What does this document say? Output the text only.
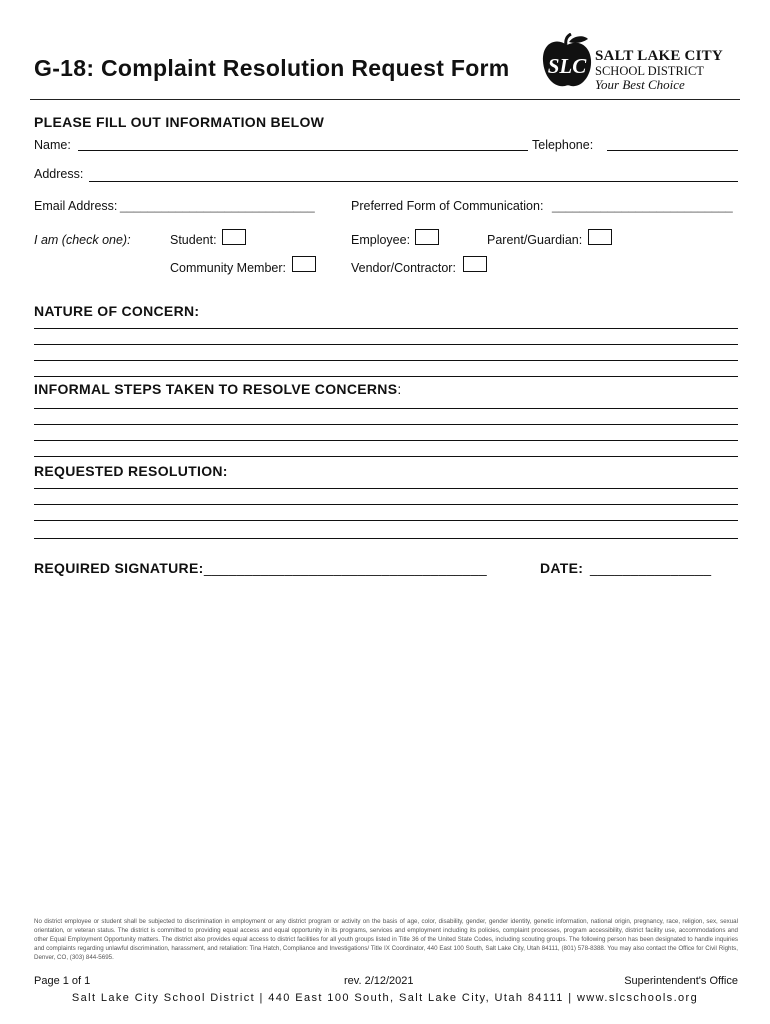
G-18: Complaint Resolution Request Form SLC SALT LAKE CITY
SCHOOL DISTRICT
Your Best Choice
PLEASE FILL OUT INFORMATION BELOW
Name:	Telephone:
Address:
Email Address: ____________________________	Preferred Form of Communication: __________________________
I am (check one):	Student:	Employee:	Parent/Guardian:
Community Member:	Vendor/Contractor:
NATURE OF CONCERN:
INFORMAL STEPS TAKEN TO RESOLVE CONCERNS:
REQUESTED RESOLUTION:
REQUIRED SIGNATURE: ___________________________________	DATE: _______________
No district employee or student shall be subjected to discrimination in employment or any district program or activity on the basis of age, color, disability, gender, gender identity, genetic information, national origin, pregnancy, race, religion, sex, sexual orientation, or veteran status. The district is committed to providing equal access and equal opportunity in its programs, services and employment including its policies, complaint processes, program accessibility, district facility use, accommodations and other Equal Employment Opportunity matters. The district also provides equal access to district facilities for all youth groups listed in Title 36 of the United State Codes, including scouting groups. The following person has been designated to handle inquiries and complaints regarding unlawful discrimination, harassment, and retaliation: Tina Hatch, Compliance and Investigations/ Title IX Coordinator, 440 East 100 South, Salt Lake City, Utah 84111, (801) 578-8388. You may also contact the Office for Civil Rights, Denver, CO, (303) 844-5695.
Page 1 of 1	rev. 2/12/2021	Superintendent's Office
Salt Lake City School District | 440 East 100 South, Salt Lake City, Utah 84111 | www.slcschools.org
